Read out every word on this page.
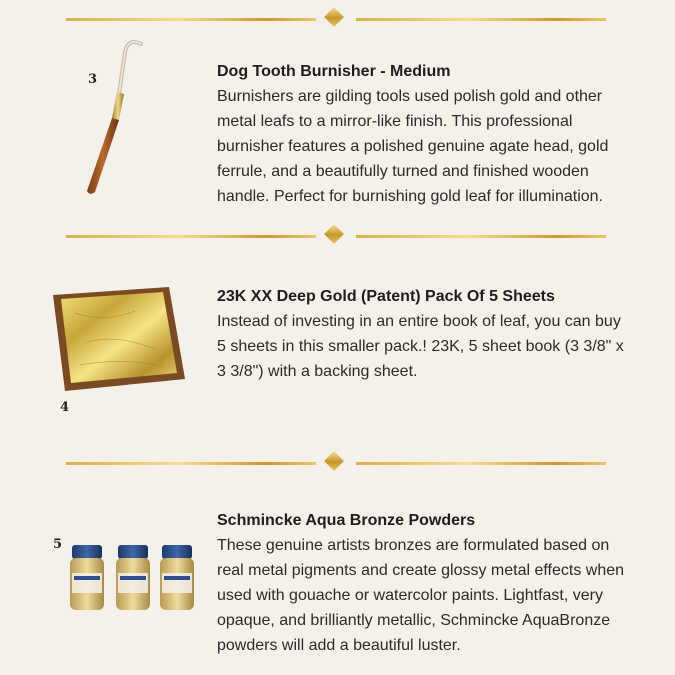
3	Dog Tooth Burnisher - Medium
Burnishers are gilding tools used polish gold and other metal leafs to a mirror-like finish. This professional burnisher features a polished genuine agate head, gold ferrule, and a beautifully turned and finished wooden handle. Perfect for burnishing gold leaf for illumination.
4
23K XX Deep Gold (Patent) Pack Of 5 Sheets
Instead of investing in an entire book of leaf, you can buy 5 sheets in this smaller pack.! 23K, 5 sheet book (3 3/8" x 3 3/8") with a backing sheet.
5
Schmincke Aqua Bronze Powders
These genuine artists bronzes are formulated based on real metal pigments and create glossy metal effects when used with gouache or watercolor paints. Lightfast, very opaque, and brilliantly metallic, Schmincke AquaBronze powders will add a beautiful luster.
